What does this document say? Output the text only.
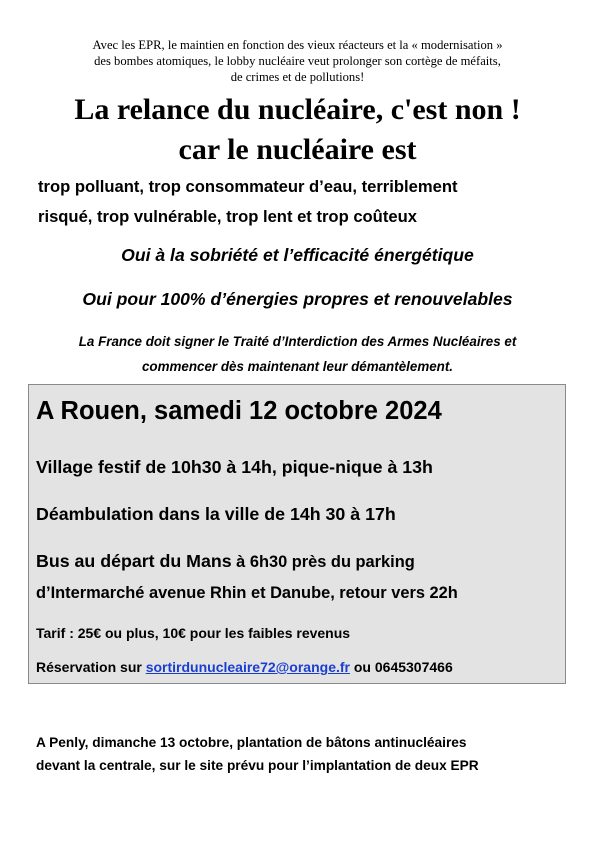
Avec les EPR, le maintien en fonction des vieux réacteurs et la « modernisation »
des bombes atomiques, le lobby nucléaire veut prolonger son cortège de méfaits,
de crimes et de pollutions!
La relance du nucléaire, c'est non !
car le nucléaire est
trop polluant, trop consommateur d’eau, terriblement
risqué, trop vulnérable, trop lent et trop coûteux
Oui à la sobriété et l’efficacité énergétique
Oui pour 100% d’énergies propres et renouvelables
La France doit signer le Traité d’Interdiction des Armes Nucléaires et
commencer dès maintenant leur démantèlement.
A Rouen, samedi 12 octobre 2024
Village festif de 10h30 à 14h, pique-nique à 13h
Déambulation dans la ville de 14h 30 à 17h
Bus au départ du Mans à 6h30 près du parking
d’Intermarché avenue Rhin et Danube, retour vers 22h
Tarif : 25€ ou plus, 10€ pour les faibles revenus
Réservation sur sortirdunucleaire72@orange.fr ou 0645307466
A Penly, dimanche 13 octobre, plantation de bâtons antinucléaires
devant la centrale, sur le site prévu pour l’implantation de deux EPR
